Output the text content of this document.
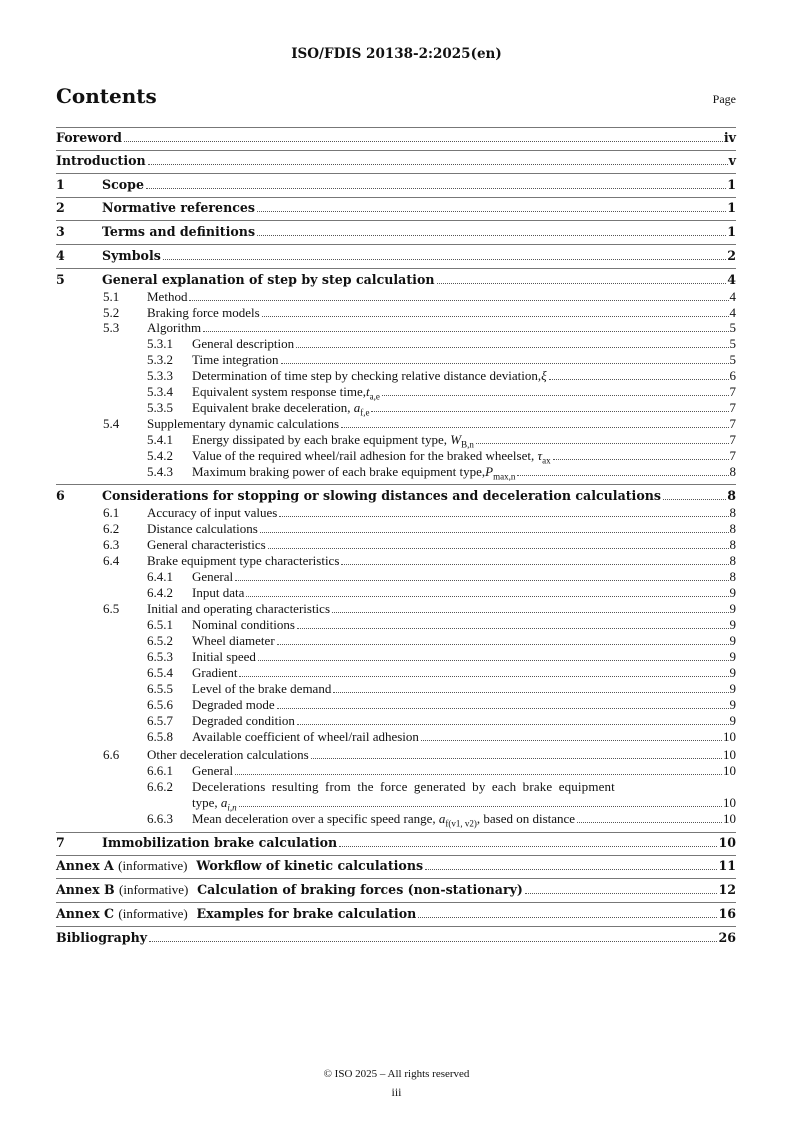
ISO/FDIS 20138-2:2025(en)
Contents	Page
Foreword	iv
Introduction	v
1	Scope	1
2	Normative references	1
3	Terms and definitions	1
4	Symbols	2
5	General explanation of step by step calculation	4
5.1	Method	4
5.2	Braking force models	4
5.3	Algorithm	5
5.3.1	General description	5
5.3.2	Time integration	5
5.3.3	Determination of time step by checking relative distance deviation,ξ	6
5.3.4	Equivalent system response $time,t_{a,e}$	7
5.3.5	Equivalent brake deceleration, $a_{f,e}$	7
5.4	Supplementary dynamic calculations	7
5.4.1	Energy dissipated by each brake equipment type, $W_{B,n}$	7
5.4.2	Value of the required wheel/rail adhesion for the braked wheelset, $\tau_{ax}$	7
5.4.3	Maximum braking power of each brake equipment $type,P_{max,n}$	8
6	Considerations for stopping or slowing distances and deceleration calculations	8
6.1	Accuracy of input values	8
6.2	Distance calculations	8
6.3	General characteristics	8
6.4	Brake equipment type characteristics	8
6.4.1	General	8
6.4.2	Input data	9
6.5	Initial and operating characteristics	9
6.5.1	Nominal conditions	9
6.5.2	Wheel diameter	9
6.5.3	Initial speed	9
6.5.4	Gradient	9
6.5.5	Level of the brake demand	9
6.5.6	Degraded mode	9
6.5.7	Degraded condition	9
6.5.8	Available coefficient of wheel/rail adhesion	10
6.6	Other deceleration calculations	10
6.6.1	General	10
6.6.2 Decelerations resulting from the force generated by each brake equipment
type, $a_{i,n}$	10
6.6.3	Mean deceleration over a specific speed range, $a_{f(v1, v2)}$, based on distance	10
7	Immobilization brake calculation	10
Annex A (informative) Workflow of kinetic calculations	11
Annex B (informative) Calculation of braking forces (non-stationary)	12
Annex C (informative) Examples for brake calculation	16
Bibliography	26
© ISO 2025 – All rights reserved
iii
